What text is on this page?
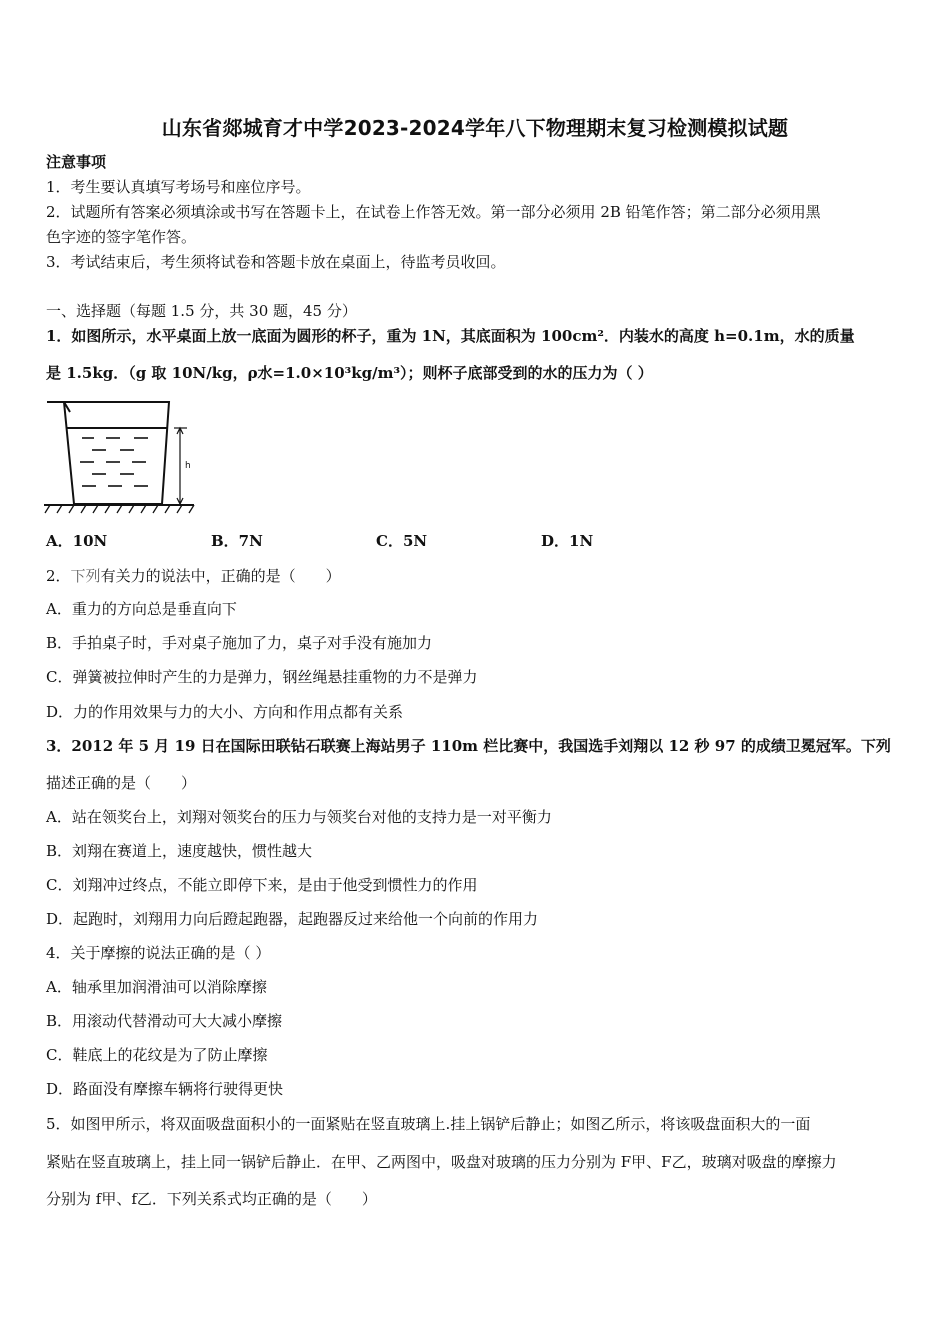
山东省郯城育才中学2023-2024学年八下物理期末复习检测模拟试题
注意事项
1．考生要认真填写考场号和座位序号。
2．试题所有答案必须填涂或书写在答题卡上，在试卷上作答无效。第一部分必须用 2B 铅笔作答；第二部分必须用黑
色字迹的签字笔作答。
3．考试结束后，考生须将试卷和答题卡放在桌面上，待监考员收回。
一、选择题（每题 1.5 分，共 30 题，45 分）
1．如图所示，水平桌面上放一底面为圆形的杯子，重为 1N，其底面积为 100cm²．内装水的高度 h=0.1m，水的质量
是 1.5kg．（g 取 10N/kg，ρ水=1.0×10³kg/m³）；则杯子底部受到的水的压力为（ ）
h
A．10N	B．7N	C．5N	D．1N
2．下列有关力的说法中，正确的是（　　）
A．重力的方向总是垂直向下
B．手拍桌子时，手对桌子施加了力，桌子对手没有施加力
C．弹簧被拉伸时产生的力是弹力，钢丝绳悬挂重物的力不是弹力
D．力的作用效果与力的大小、方向和作用点都有关系
3．2012 年 5 月 19 日在国际田联钻石联赛上海站男子 110m 栏比赛中，我国选手刘翔以 12 秒 97 的成绩卫冕冠军。下列
描述正确的是（　　）
A．站在领奖台上，刘翔对领奖台的压力与领奖台对他的支持力是一对平衡力
B．刘翔在赛道上，速度越快，惯性越大
C．刘翔冲过终点，不能立即停下来，是由于他受到惯性力的作用
D．起跑时，刘翔用力向后蹬起跑器，起跑器反过来给他一个向前的作用力
4．关于摩擦的说法正确的是（ ）
A．轴承里加润滑油可以消除摩擦
B．用滚动代替滑动可大大减小摩擦
C．鞋底上的花纹是为了防止摩擦
D．路面没有摩擦车辆将行驶得更快
5．如图甲所示，将双面吸盘面积小的一面紧贴在竖直玻璃上.挂上锅铲后静止；如图乙所示，将该吸盘面积大的一面
紧贴在竖直玻璃上，挂上同一锅铲后静止．在甲、乙两图中，吸盘对玻璃的压力分别为 F甲、F乙，玻璃对吸盘的摩擦力
分别为 f甲、f乙．下列关系式均正确的是（　　）
